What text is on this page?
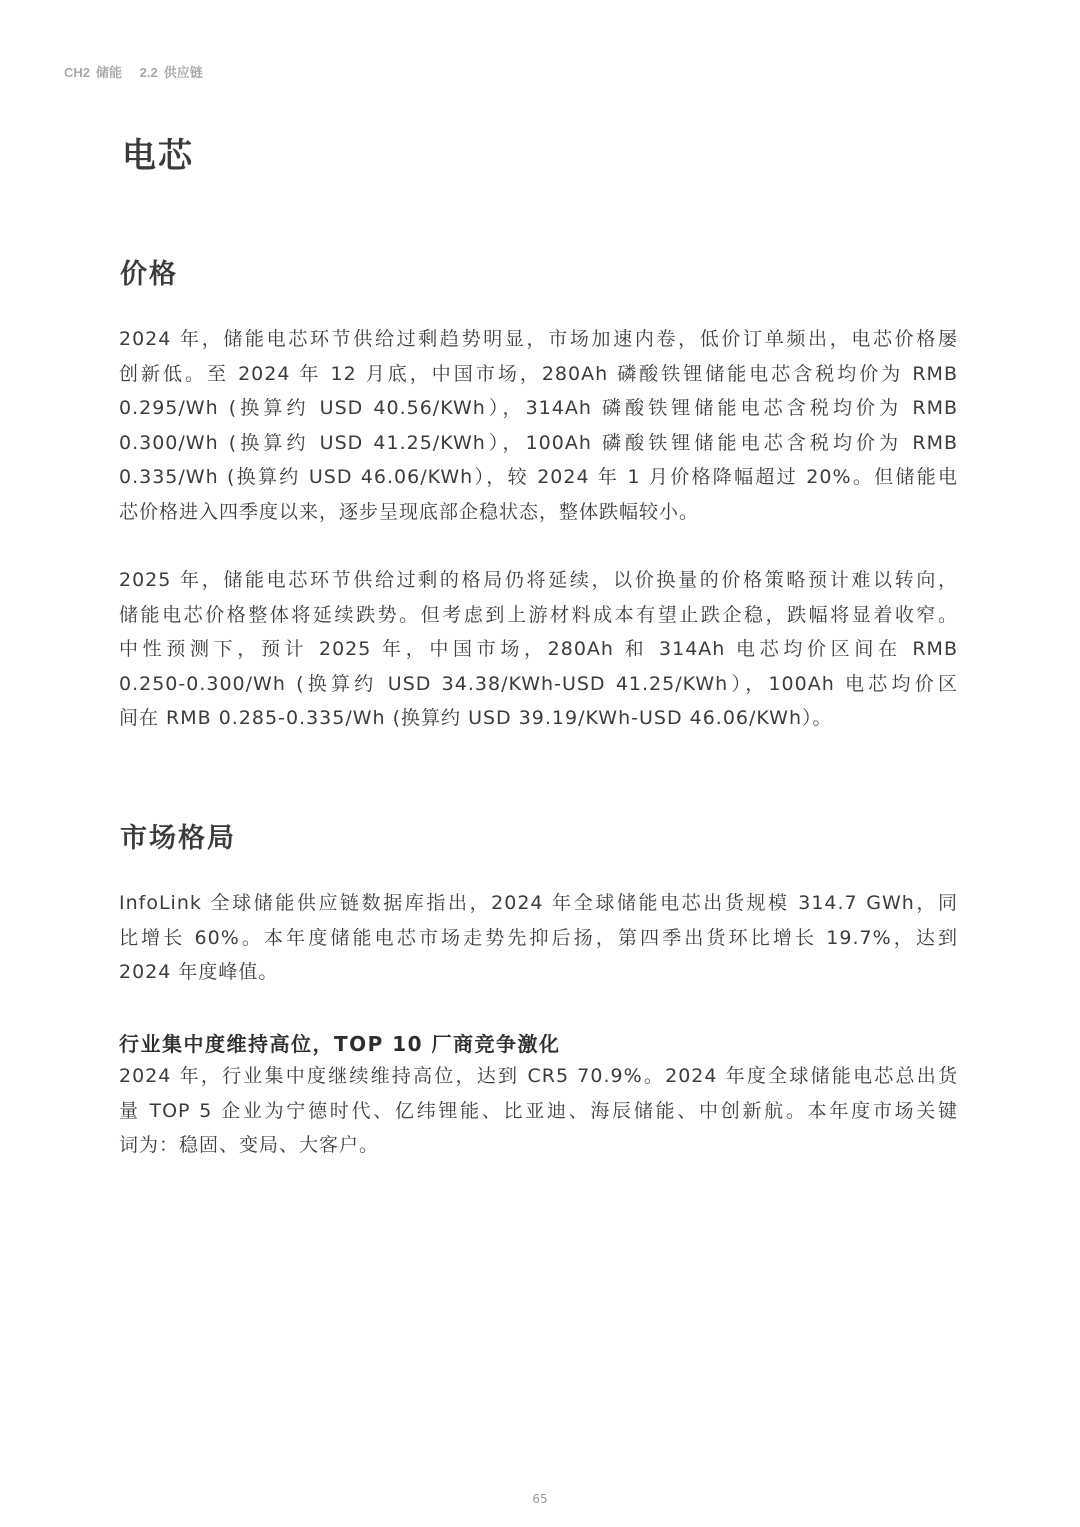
CH2 储能 2.2 供应链
电芯
价格
2024 年，储能电芯环节供给过剩趋势明显，市场加速内卷，低价订单频出，电芯价格屡
创新低。至 2024 年 12 月底，中国市场，280Ah 磷酸铁锂储能电芯含税均价为 RMB
0.295/Wh (换算约 USD 40.56/KWh），314Ah 磷酸铁锂储能电芯含税均价为 RMB
0.300/Wh (换算约 USD 41.25/KWh），100Ah 磷酸铁锂储能电芯含税均价为 RMB
0.335/Wh (换算约 USD 46.06/KWh），较 2024 年 1 月价格降幅超过 20%。但储能电
芯价格进入四季度以来，逐步呈现底部企稳状态，整体跌幅较小。
2025 年，储能电芯环节供给过剩的格局仍将延续，以价换量的价格策略预计难以转向，
储能电芯价格整体将延续跌势。但考虑到上游材料成本有望止跌企稳，跌幅将显着收窄。
中性预测下，预计 2025 年，中国市场，280Ah 和 314Ah 电芯均价区间在 RMB
0.250-0.300/Wh (换算约 USD 34.38/KWh-USD 41.25/KWh），100Ah 电芯均价区
间在 RMB 0.285-0.335/Wh (换算约 USD 39.19/KWh-USD 46.06/KWh）。
市场格局
InfoLink 全球储能供应链数据库指出，2024 年全球储能电芯出货规模 314.7 GWh，同
比增长 60%。本年度储能电芯市场走势先抑后扬，第四季出货环比增长 19.7%，达到
2024 年度峰值。
行业集中度维持高位，TOP 10 厂商竞争激化
2024 年，行业集中度继续维持高位，达到 CR5 70.9%。2024 年度全球储能电芯总出货
量 TOP 5 企业为宁德时代、亿纬锂能、比亚迪、海辰储能、中创新航。本年度市场关键
词为：稳固、变局、大客户。
65
